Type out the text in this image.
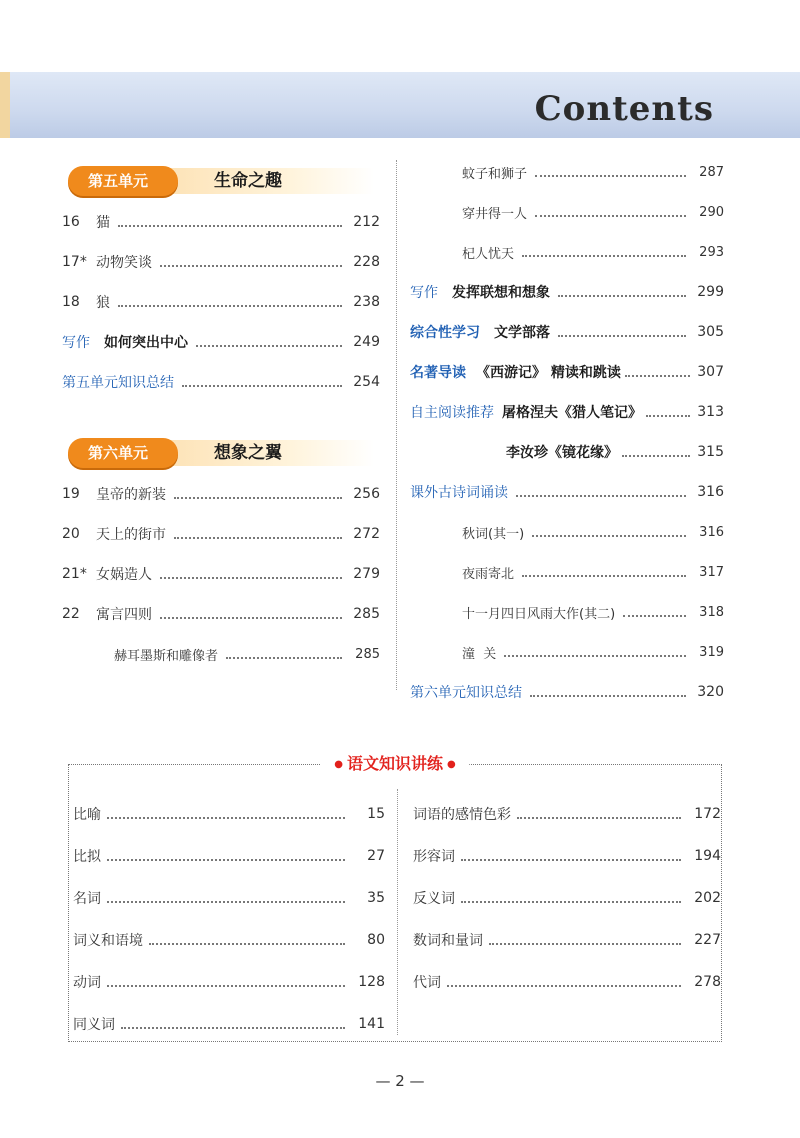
Contents
第五单元	生命之趣
16	猫	212
17* 动物笑谈	228
18	狼	238
写作 如何突出中心	249
第五单元知识总结	254
第六单元	想象之翼
19	皇帝的新装	256
20	天上的街市	272
21* 女娲造人	279
22	寓言四则	285
赫耳墨斯和雕像者	285
蚊子和狮子	287
穿井得一人	290
杞人忧天	293
写作 发挥联想和想象	299
综合性学习 文学部落	305
名著导读 《西游记》 精读和跳读	307
自主阅读推荐 屠格涅夫《猎人笔记》	313
李汝珍《镜花缘》	315
课外古诗词诵读	316
秋词(其一)	316
夜雨寄北	317
十一月四日风雨大作(其二)	318
潼  关	319
第六单元知识总结	320
● 语文知识讲练 ●
比喻	15
比拟	27
名词	35
词义和语境	80
动词	128
同义词	141
词语的感情色彩	172
形容词	194
反义词	202
数词和量词	227
代词	278
— 2 —
